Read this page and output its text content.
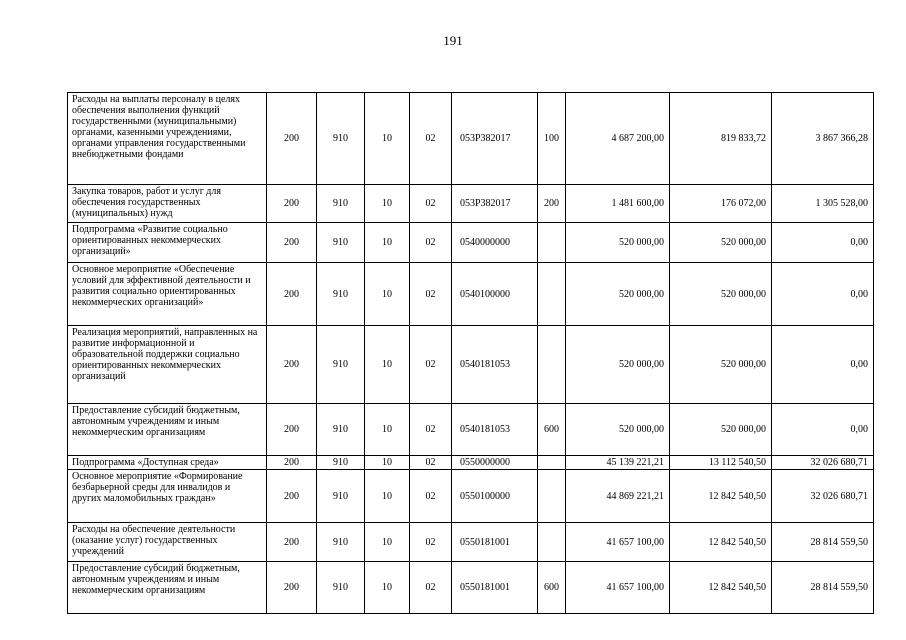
191
Расходы на выплаты персоналу в целях обеспечения выполнения функций государственными (муниципальными) органами, казенными учреждениями, органами управления государственными внебюджетными фондами	200	910	10	02	053P382017	100	4 687 200,00	819 833,72	3 867 366,28
Закупка товаров, работ и услуг для обеспечения государственных (муниципальных) нужд	200	910	10	02	053P382017	200	1 481 600,00	176 072,00	1 305 528,00
Подпрограмма «Развитие социально ориентированных некоммерческих организаций»	200	910	10	02	0540000000		520 000,00	520 000,00	0,00
Основное мероприятие «Обеспечение условий для эффективной деятельности и развития социально ориентированных некоммерческих организаций»	200	910	10	02	0540100000		520 000,00	520 000,00	0,00
Реализация мероприятий, направленных на развитие информационной и образовательной поддержки социально ориентированных некоммерческих организаций	200	910	10	02	0540181053		520 000,00	520 000,00	0,00
Предоставление субсидий бюджетным, автономным учреждениям и иным некоммерческим организациям	200	910	10	02	0540181053	600	520 000,00	520 000,00	0,00
Подпрограмма «Доступная среда»	200	910	10	02	0550000000		45 139 221,21	13 112 540,50	32 026 680,71
Основное мероприятие «Формирование безбарьерной среды для инвалидов и других маломобильных граждан»	200	910	10	02	0550100000		44 869 221,21	12 842 540,50	32 026 680,71
Расходы на обеспечение деятельности (оказание услуг) государственных учреждений	200	910	10	02	0550181001		41 657 100,00	12 842 540,50	28 814 559,50
Предоставление субсидий бюджетным, автономным учреждениям и иным некоммерческим организациям	200	910	10	02	0550181001	600	41 657 100,00	12 842 540,50	28 814 559,50
